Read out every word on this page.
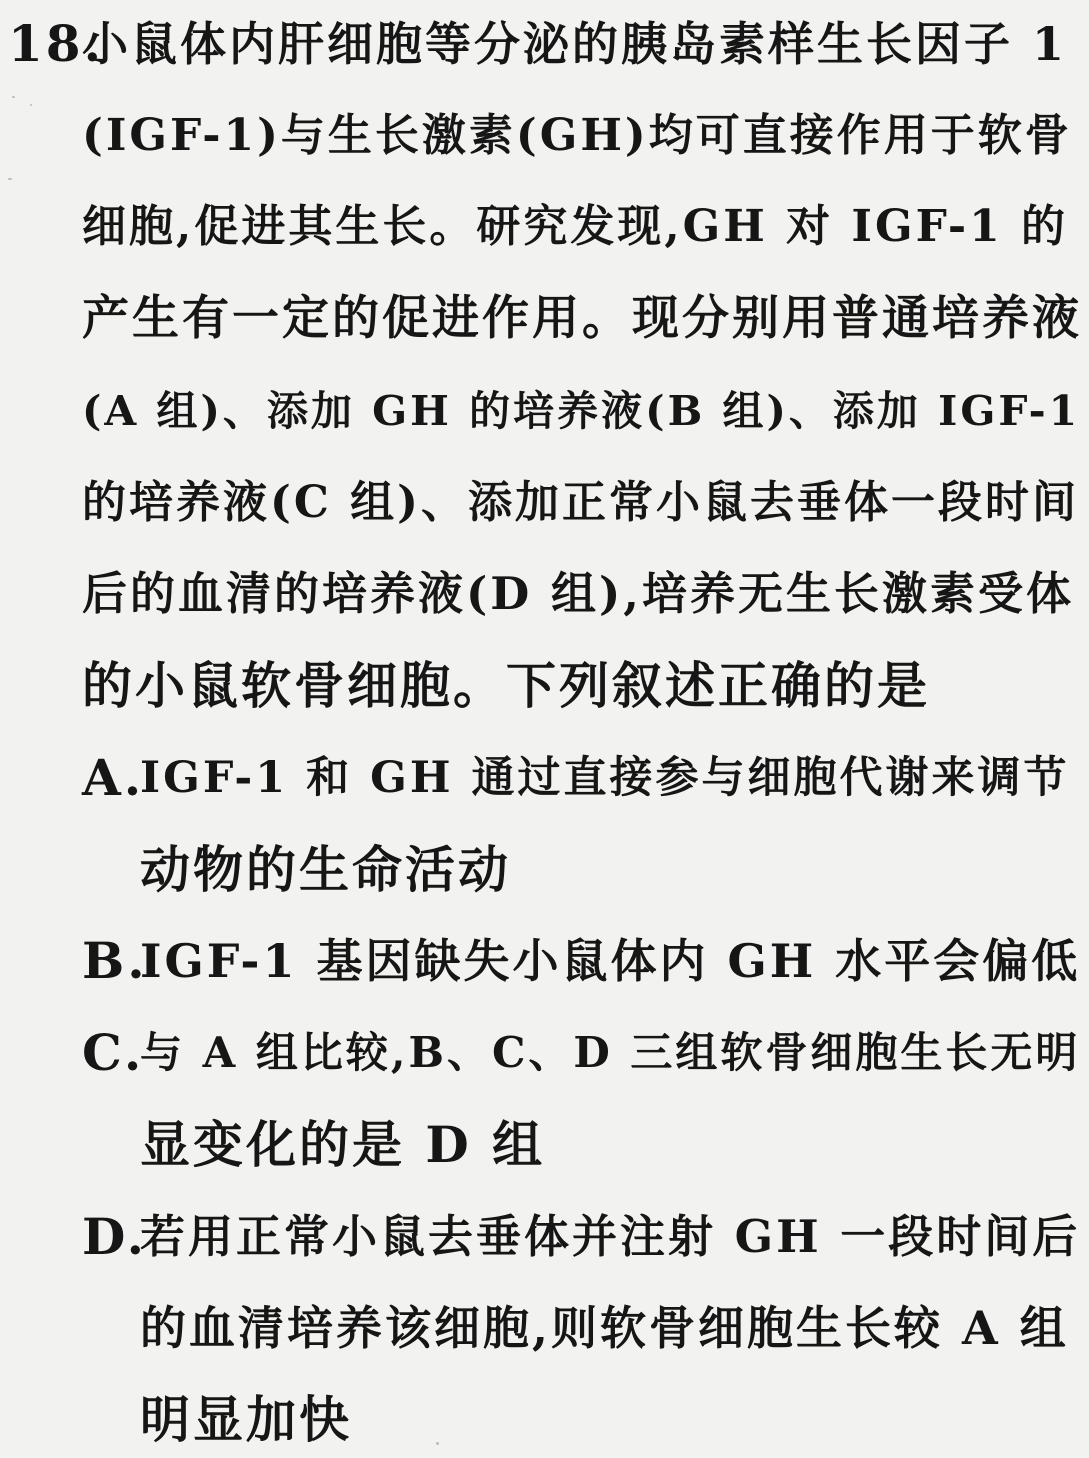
18.
小鼠体内肝细胞等分泌的胰岛素样生长因子 1
(IGF-1)与生长激素(GH)均可直接作用于软骨
细胞,促进其生长。研究发现,GH 对 IGF-1 的
产生有一定的促进作用。现分别用普通培养液
(A 组)、添加 GH 的培养液(B 组)、添加 IGF-1
的培养液(C 组)、添加正常小鼠去垂体一段时间
后的血清的培养液(D 组),培养无生长激素受体
的小鼠软骨细胞。下列叙述正确的是
A.
IGF-1 和 GH 通过直接参与细胞代谢来调节
动物的生命活动
B.
IGF-1 基因缺失小鼠体内 GH 水平会偏低
C.
与 A 组比较,B、C、D 三组软骨细胞生长无明
显变化的是 D 组
D.
若用正常小鼠去垂体并注射 GH 一段时间后
的血清培养该细胞,则软骨细胞生长较 A 组
明显加快
